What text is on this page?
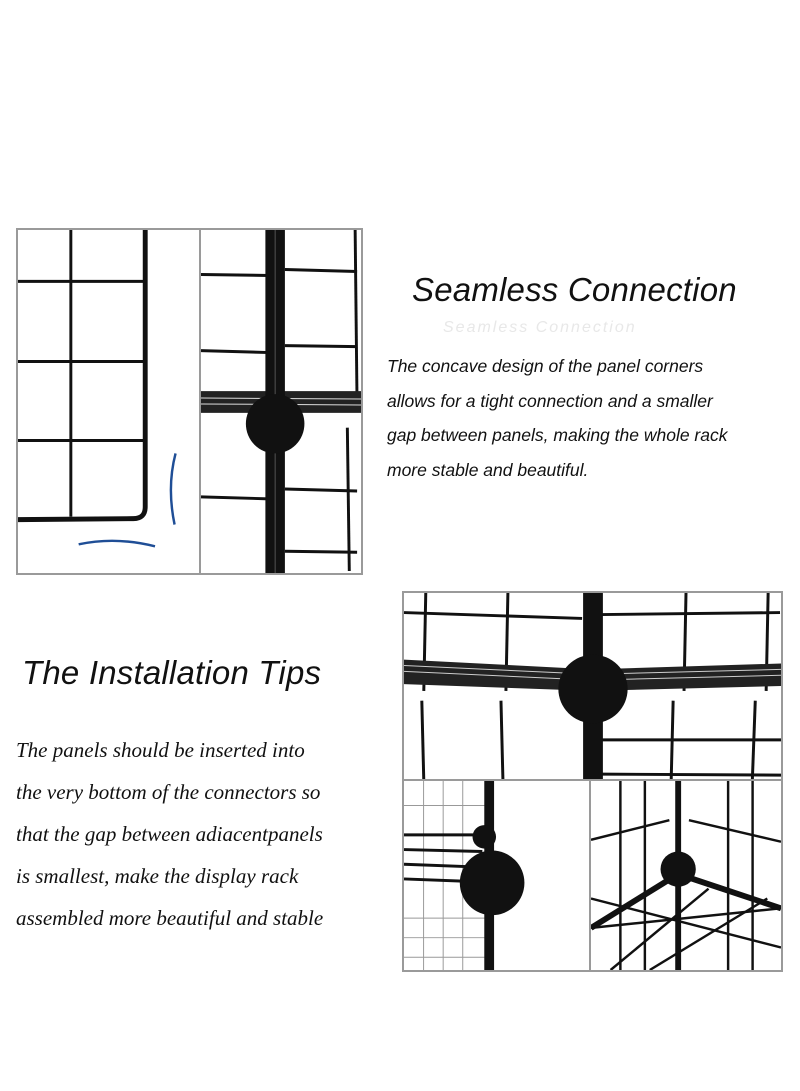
Seamless Connection
Seamless Connection
The concave design of the panel corners
allows for a tight connection and a smaller
gap between panels, making the whole rack
more stable and beautiful.
The Installation Tips
The panels should be inserted into
the very bottom of the connectors so
that the gap between adiacentpanels
is smallest, make the display rack
assembled more beautiful and stable
